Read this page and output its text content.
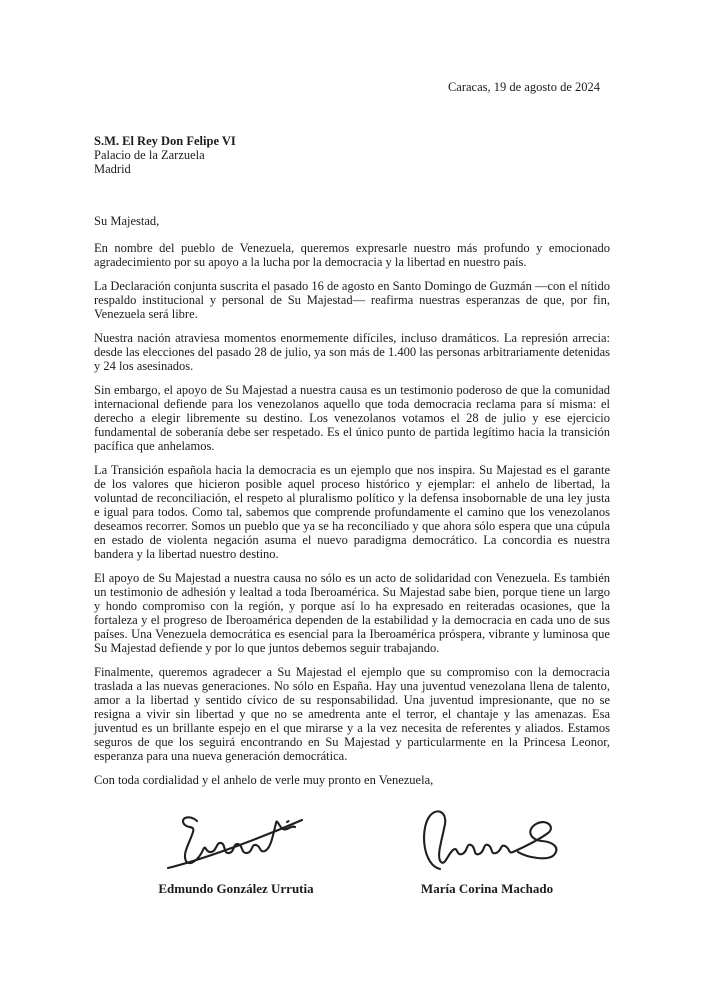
Caracas, 19 de agosto de 2024
S.M. El Rey Don Felipe VI
Palacio de la Zarzuela
Madrid
Su Majestad,

En nombre del pueblo de Venezuela, queremos expresarle nuestro más profundo y emocionado agradecimiento por su apoyo a la lucha por la democracia y la libertad en nuestro país.

La Declaración conjunta suscrita el pasado 16 de agosto en Santo Domingo de Guzmán —con el nítido respaldo institucional y personal de Su Majestad— reafirma nuestras esperanzas de que, por fin, Venezuela será libre.

Nuestra nación atraviesa momentos enormemente difíciles, incluso dramáticos. La represión arrecia: desde las elecciones del pasado 28 de julio, ya son más de 1.400 las personas arbitrariamente detenidas y 24 los asesinados.

Sin embargo, el apoyo de Su Majestad a nuestra causa es un testimonio poderoso de que la comunidad internacional defiende para los venezolanos aquello que toda democracia reclama para sí misma: el derecho a elegir libremente su destino. Los venezolanos votamos el 28 de julio y ese ejercicio fundamental de soberanía debe ser respetado. Es el único punto de partida legítimo hacia la transición pacífica que anhelamos.

La Transición española hacia la democracia es un ejemplo que nos inspira. Su Majestad es el garante de los valores que hicieron posible aquel proceso histórico y ejemplar: el anhelo de libertad, la voluntad de reconciliación, el respeto al pluralismo político y la defensa insobornable de una ley justa e igual para todos. Como tal, sabemos que comprende profundamente el camino que los venezolanos deseamos recorrer. Somos un pueblo que ya se ha reconciliado y que ahora sólo espera que una cúpula en estado de violenta negación asuma el nuevo paradigma democrático. La concordia es nuestra bandera y la libertad nuestro destino.

El apoyo de Su Majestad a nuestra causa no sólo es un acto de solidaridad con Venezuela. Es también un testimonio de adhesión y lealtad a toda Iberoamérica. Su Majestad sabe bien, porque tiene un largo y hondo compromiso con la región, y porque así lo ha expresado en reiteradas ocasiones, que la fortaleza y el progreso de Iberoamérica dependen de la estabilidad y la democracia en cada uno de sus países. Una Venezuela democrática es esencial para la Iberoamérica próspera, vibrante y luminosa que Su Majestad defiende y por lo que juntos debemos seguir trabajando.

Finalmente, queremos agradecer a Su Majestad el ejemplo que su compromiso con la democracia traslada a las nuevas generaciones. No sólo en España. Hay una juventud venezolana llena de talento, amor a la libertad y sentido cívico de su responsabilidad. Una juventud impresionante, que no se resigna a vivir sin libertad y que no se amedrenta ante el terror, el chantaje y las amenazas. Esa juventud es un brillante espejo en el que mirarse y a la vez necesita de referentes y aliados. Estamos seguros de que los seguirá encontrando en Su Majestad y particularmente en la Princesa Leonor, esperanza para una nueva generación democrática.

Con toda cordialidad y el anhelo de verle muy pronto en Venezuela,
Edmundo González Urrutia	María Corina Machado
